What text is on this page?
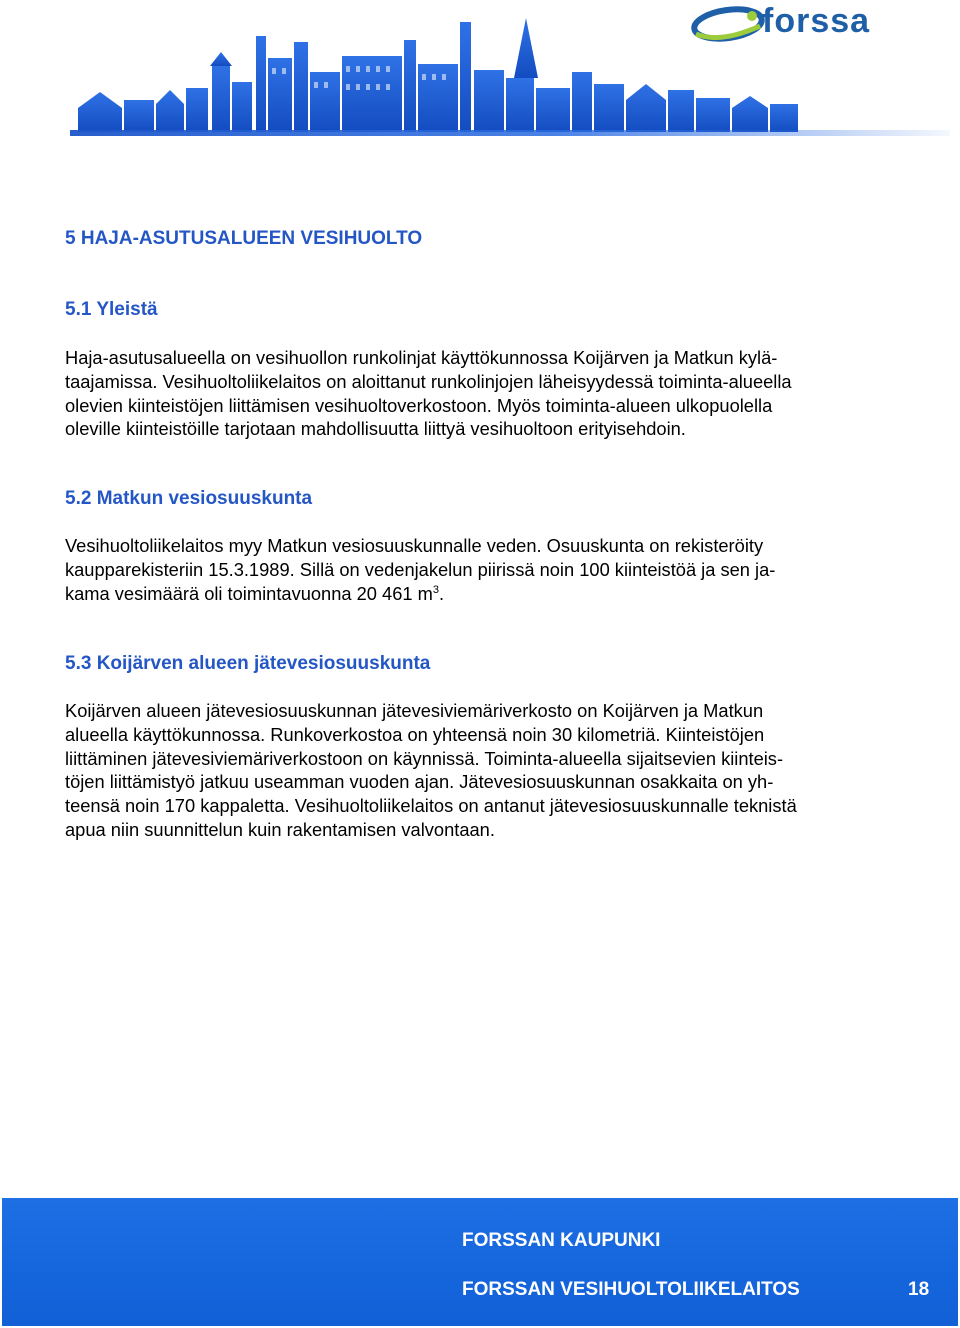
forssa
5 HAJA-ASUTUSALUEEN VESIHUOLTO
5.1 Yleistä

Haja-asutusalueella on vesihuollon runkolinjat käyttökunnossa Koijärven ja Matkun kylä-
taajamissa. Vesihuoltoliikelaitos on aloittanut runkolinjojen läheisyydessä toiminta-alueella
olevien kiinteistöjen liittämisen vesihuoltoverkostoon. Myös toiminta-alueen ulkopuolella
oleville kiinteistöille tarjotaan mahdollisuutta liittyä vesihuoltoon erityisehdoin.

5.2 Matkun vesiosuuskunta

Vesihuoltoliikelaitos myy Matkun vesiosuuskunnalle veden. Osuuskunta on rekisteröity
kaupparekisteriin 15.3.1989. Sillä on vedenjakelun piirissä noin 100 kiinteistöä ja sen ja-
kama vesimäärä oli toimintavuonna 20 461 $m^3$.

5.3 Koijärven alueen jätevesiosuuskunta

Koijärven alueen jätevesiosuuskunnan jätevesiviemäriverkosto on Koijärven ja Matkun
alueella käyttökunnossa. Runkoverkostoa on yhteensä noin 30 kilometriä. Kiinteistöjen
liittäminen jätevesiviemäriverkostoon on käynnissä. Toiminta-alueella sijaitsevien kiinteis-
töjen liittämistyö jatkuu useamman vuoden ajan. Jätevesiosuuskunnan osakkaita on yh-
teensä noin 170 kappaletta. Vesihuoltoliikelaitos on antanut jätevesiosuuskunnalle teknistä
apua niin suunnittelun kuin rakentamisen valvontaan.

FORSSAN KAUPUNKI
FORSSAN VESIHUOLTOLIIKELAITOS	18
